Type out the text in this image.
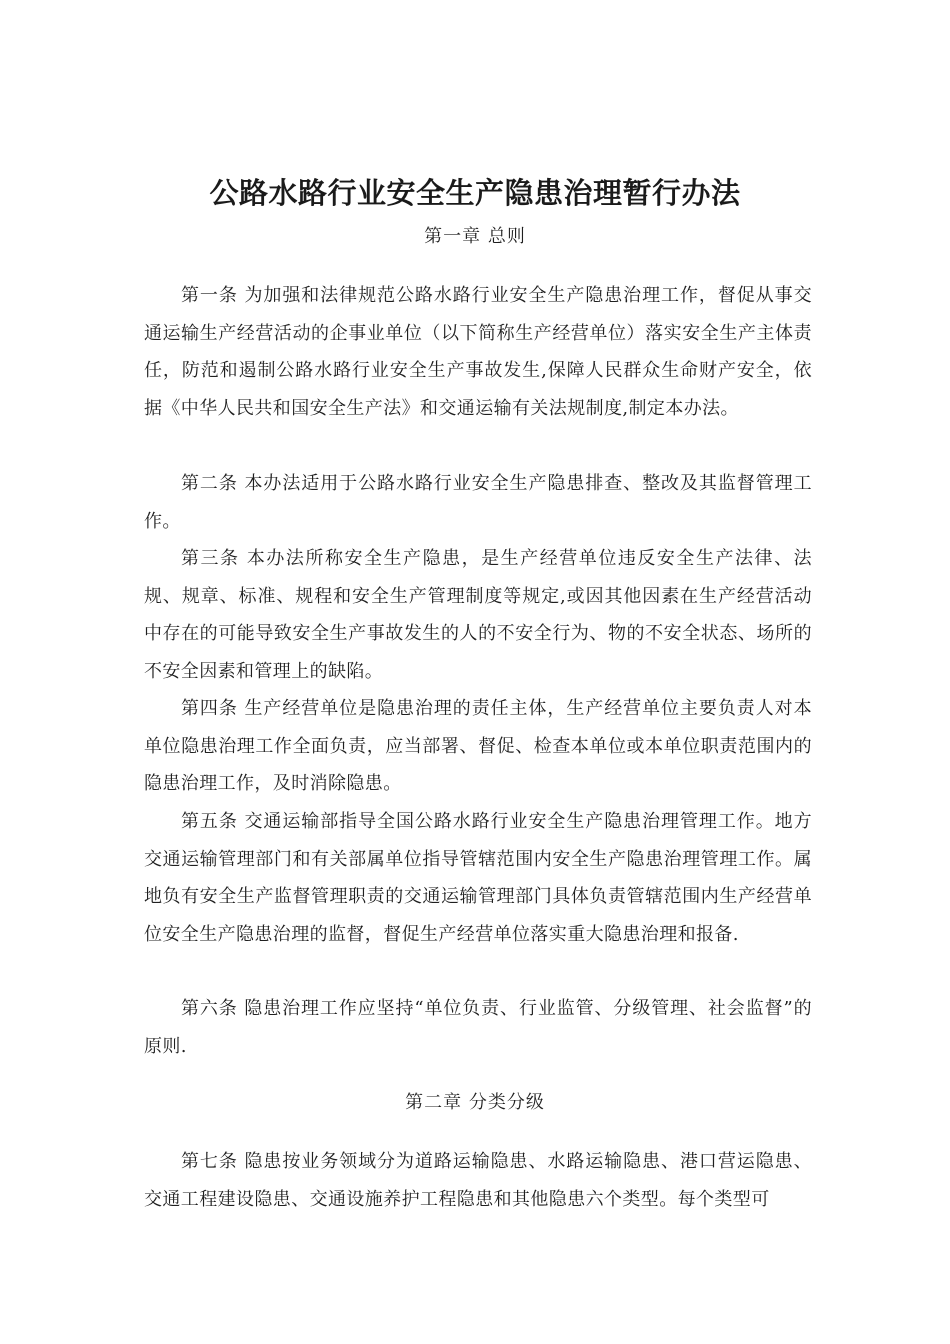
公路水路行业安全生产隐患治理暂行办法
第一章 总则

第一条 为加强和法律规范公路水路行业安全生产隐患治理工作，督促从事交通运输生产经营活动的企事业单位（以下简称生产经营单位）落实安全生产主体责任，防范和遏制公路水路行业安全生产事故发生,保障人民群众生命财产安全，依据《中华人民共和国安全生产法》和交通运输有关法规制度,制定本办法。

第二条 本办法适用于公路水路行业安全生产隐患排查、整改及其监督管理工作。

第三条 本办法所称安全生产隐患，是生产经营单位违反安全生产法律、法规、规章、标准、规程和安全生产管理制度等规定,或因其他因素在生产经营活动中存在的可能导致安全生产事故发生的人的不安全行为、物的不安全状态、场所的不安全因素和管理上的缺陷。

第四条 生产经营单位是隐患治理的责任主体，生产经营单位主要负责人对本单位隐患治理工作全面负责，应当部署、督促、检查本单位或本单位职责范围内的隐患治理工作，及时消除隐患。

第五条 交通运输部指导全国公路水路行业安全生产隐患治理管理工作。地方交通运输管理部门和有关部属单位指导管辖范围内安全生产隐患治理管理工作。属地负有安全生产监督管理职责的交通运输管理部门具体负责管辖范围内生产经营单位安全生产隐患治理的监督，督促生产经营单位落实重大隐患治理和报备.

第六条 隐患治理工作应坚持“单位负责、行业监管、分级管理、社会监督”的原则.

第二章 分类分级

第七条 隐患按业务领域分为道路运输隐患、水路运输隐患、港口营运隐患、交通工程建设隐患、交通设施养护工程隐患和其他隐患六个类型。每个类型可
